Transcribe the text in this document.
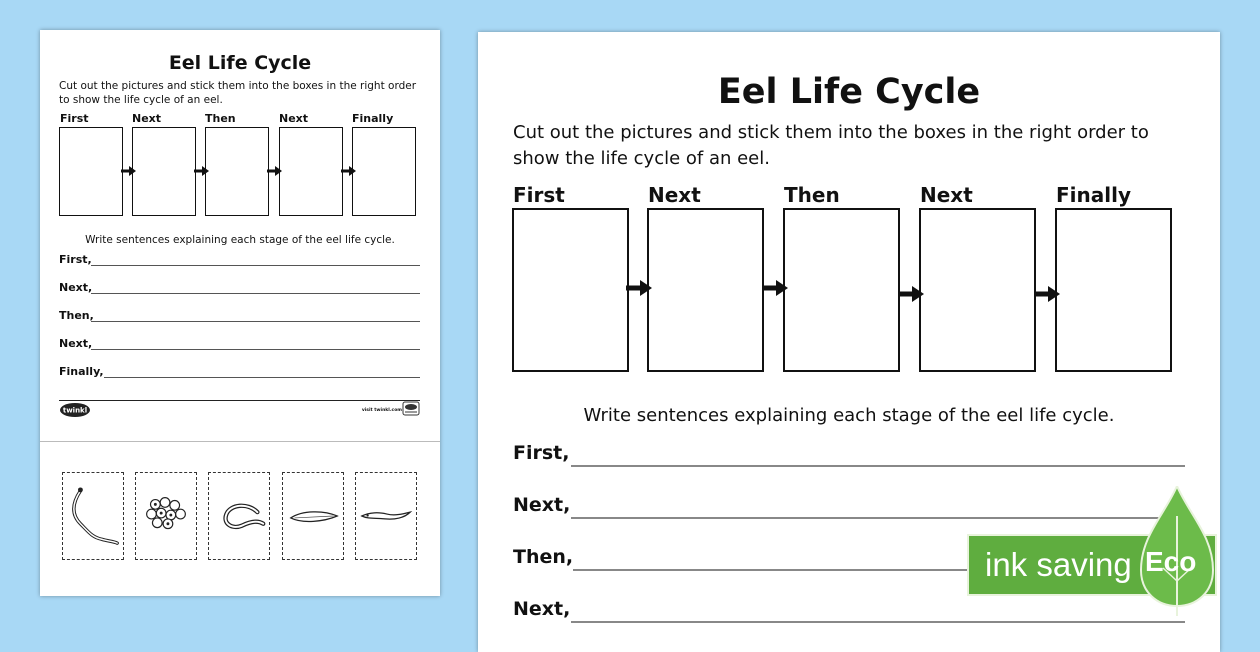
Eel Life Cycle
Cut out the pictures and stick them into the boxes in the right order to show the life cycle of an eel.
First	Next	Then	Next	Finally
Write sentences explaining each stage of the eel life cycle.
First,
Next,
Then,
Next,
Finally,
twinkl	visit twinkl.com
Eel Life Cycle
Cut out the pictures and stick them into the boxes in the right order to show the life cycle of an eel.
First	Next	Then	Next	Finally
Write sentences explaining each stage of the eel life cycle.
First,
Next,
Then,
Next,
ink saving Eco
